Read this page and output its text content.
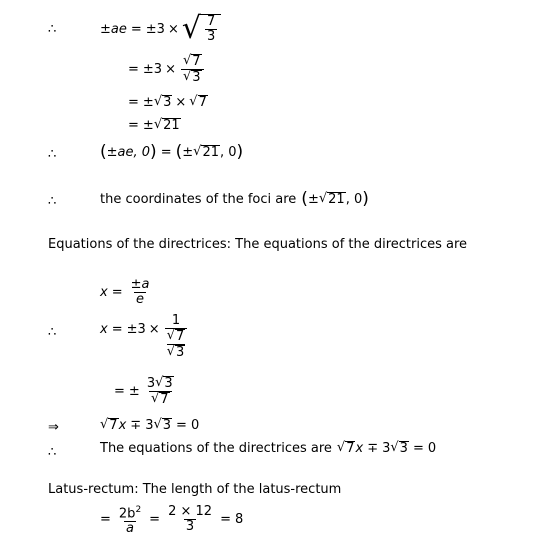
∴	±ae = ±3 × √ $\frac{7}{3}$
= $\pm 3 \times \frac{√ 7}{√ 3}$
= ± √ 3 × √ 7
= ± √ 21
∴	( ±ae, 0 ) = ( ± √ 21 , 0 )
∴	the coordinates of the foci are ( ± √ 21 , 0 )
Equations of the directrices: The equations of the directrices are
$x = \frac{\pm a}{e}$
∴	x = ±3 × 1
√ 7
√ 3
= ± $\frac{3 √ 3}{√ 7}$
⇒	√ 7 x ∓ 3 √ 3 = 0
∴	The equations of the directrices are √ 7 x ∓ 3 √ 3 = 0
Latus-rectum: The length of the latus-rectum
= $\frac{2b^2}{a} = \frac{2 \times 12}{3} = 8$
